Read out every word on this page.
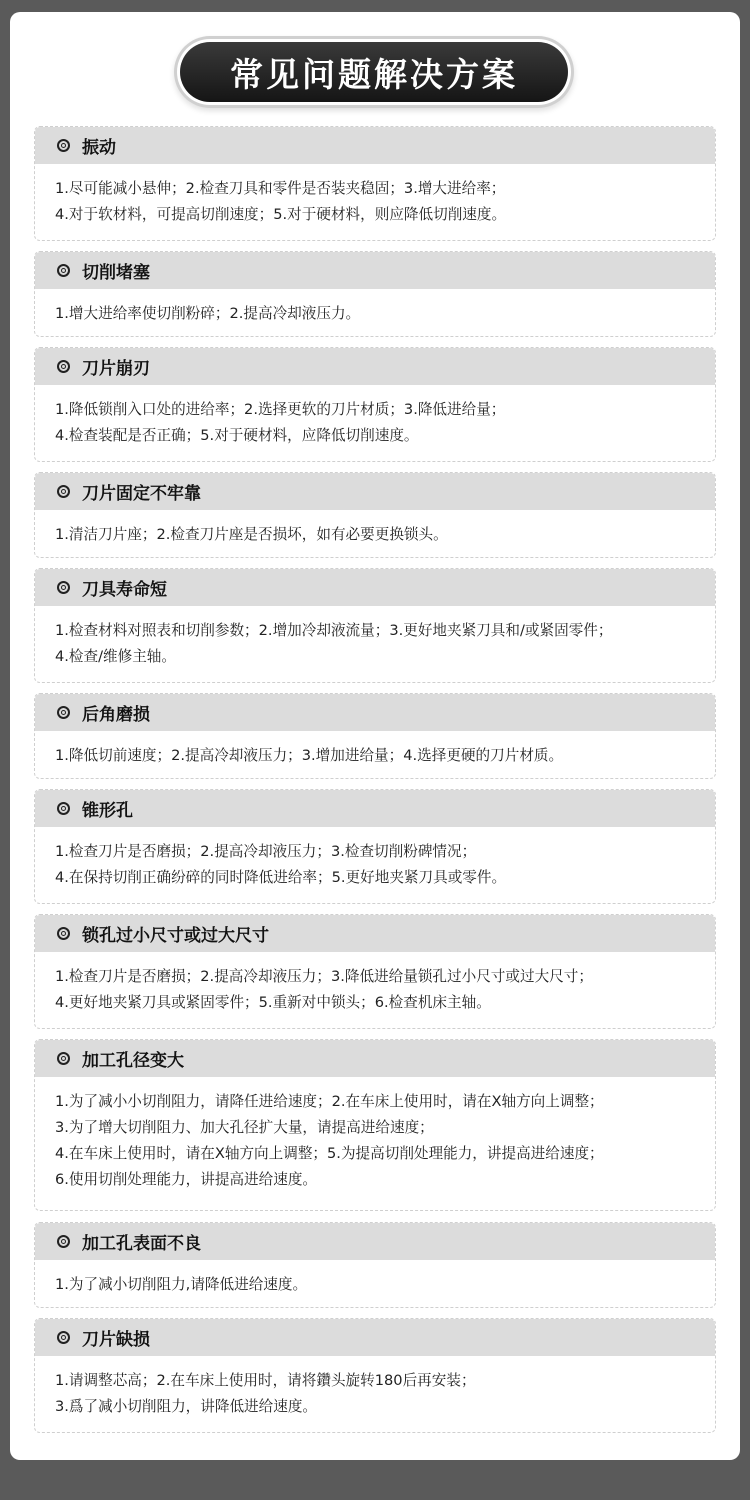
常见问题解决方案
振动
1.尽可能减小悬伸；2.检查刀具和零件是否装夹稳固；3.增大进给率；
4.对于软材料，可提高切削速度；5.对于硬材料，则应降低切削速度。
切削堵塞
1.增大进给率使切削粉碎；2.提高冷却液压力。
刀片崩刃
1.降低锁削入口处的进给率；2.选择更软的刀片材质；3.降低进给量；
4.检查装配是否正确；5.对于硬材料，应降低切削速度。
刀片固定不牢靠
1.清洁刀片座；2.检查刀片座是否损坏，如有必要更换锁头。
刀具寿命短
1.检查材料对照表和切削参数；2.增加冷却液流量；3.更好地夹紧刀具和/或紧固零件；
4.检查/维修主轴。
后角磨损
1.降低切前速度；2.提高冷却液压力；3.增加进给量；4.选择更硬的刀片材质。
锥形孔
1.检查刀片是否磨损；2.提高冷却液压力；3.检查切削粉碑情况；
4.在保持切削正确纷碎的同时降低进给率；5.更好地夹紧刀具或零件。
锁孔过小尺寸或过大尺寸
1.检查刀片是否磨损；2.提高冷却液压力；3.降低进给量锁孔过小尺寸或过大尺寸；
4.更好地夹紧刀具或紧固零件；5.重新对中锁头；6.检查机床主轴。
加工孔径变大
1.为了减小小切削阻力，请降任进给速度；2.在车床上使用时，请在X轴方向上调整；
3.为了增大切削阻力、加大孔径扩大量，请提高进给速度；
4.在车床上使用时，请在X轴方向上调整；5.为提高切削处理能力，讲提高进给速度；
6.使用切削处理能力，讲提高进给速度。
加工孔表面不良
1.为了减小切削阻力,请降低进给速度。
刀片缺损
1.请调整芯高；2.在车床上使用时，请将鑽头旋转180后再安装；
3.爲了减小切削阻力，讲降低进给速度。
